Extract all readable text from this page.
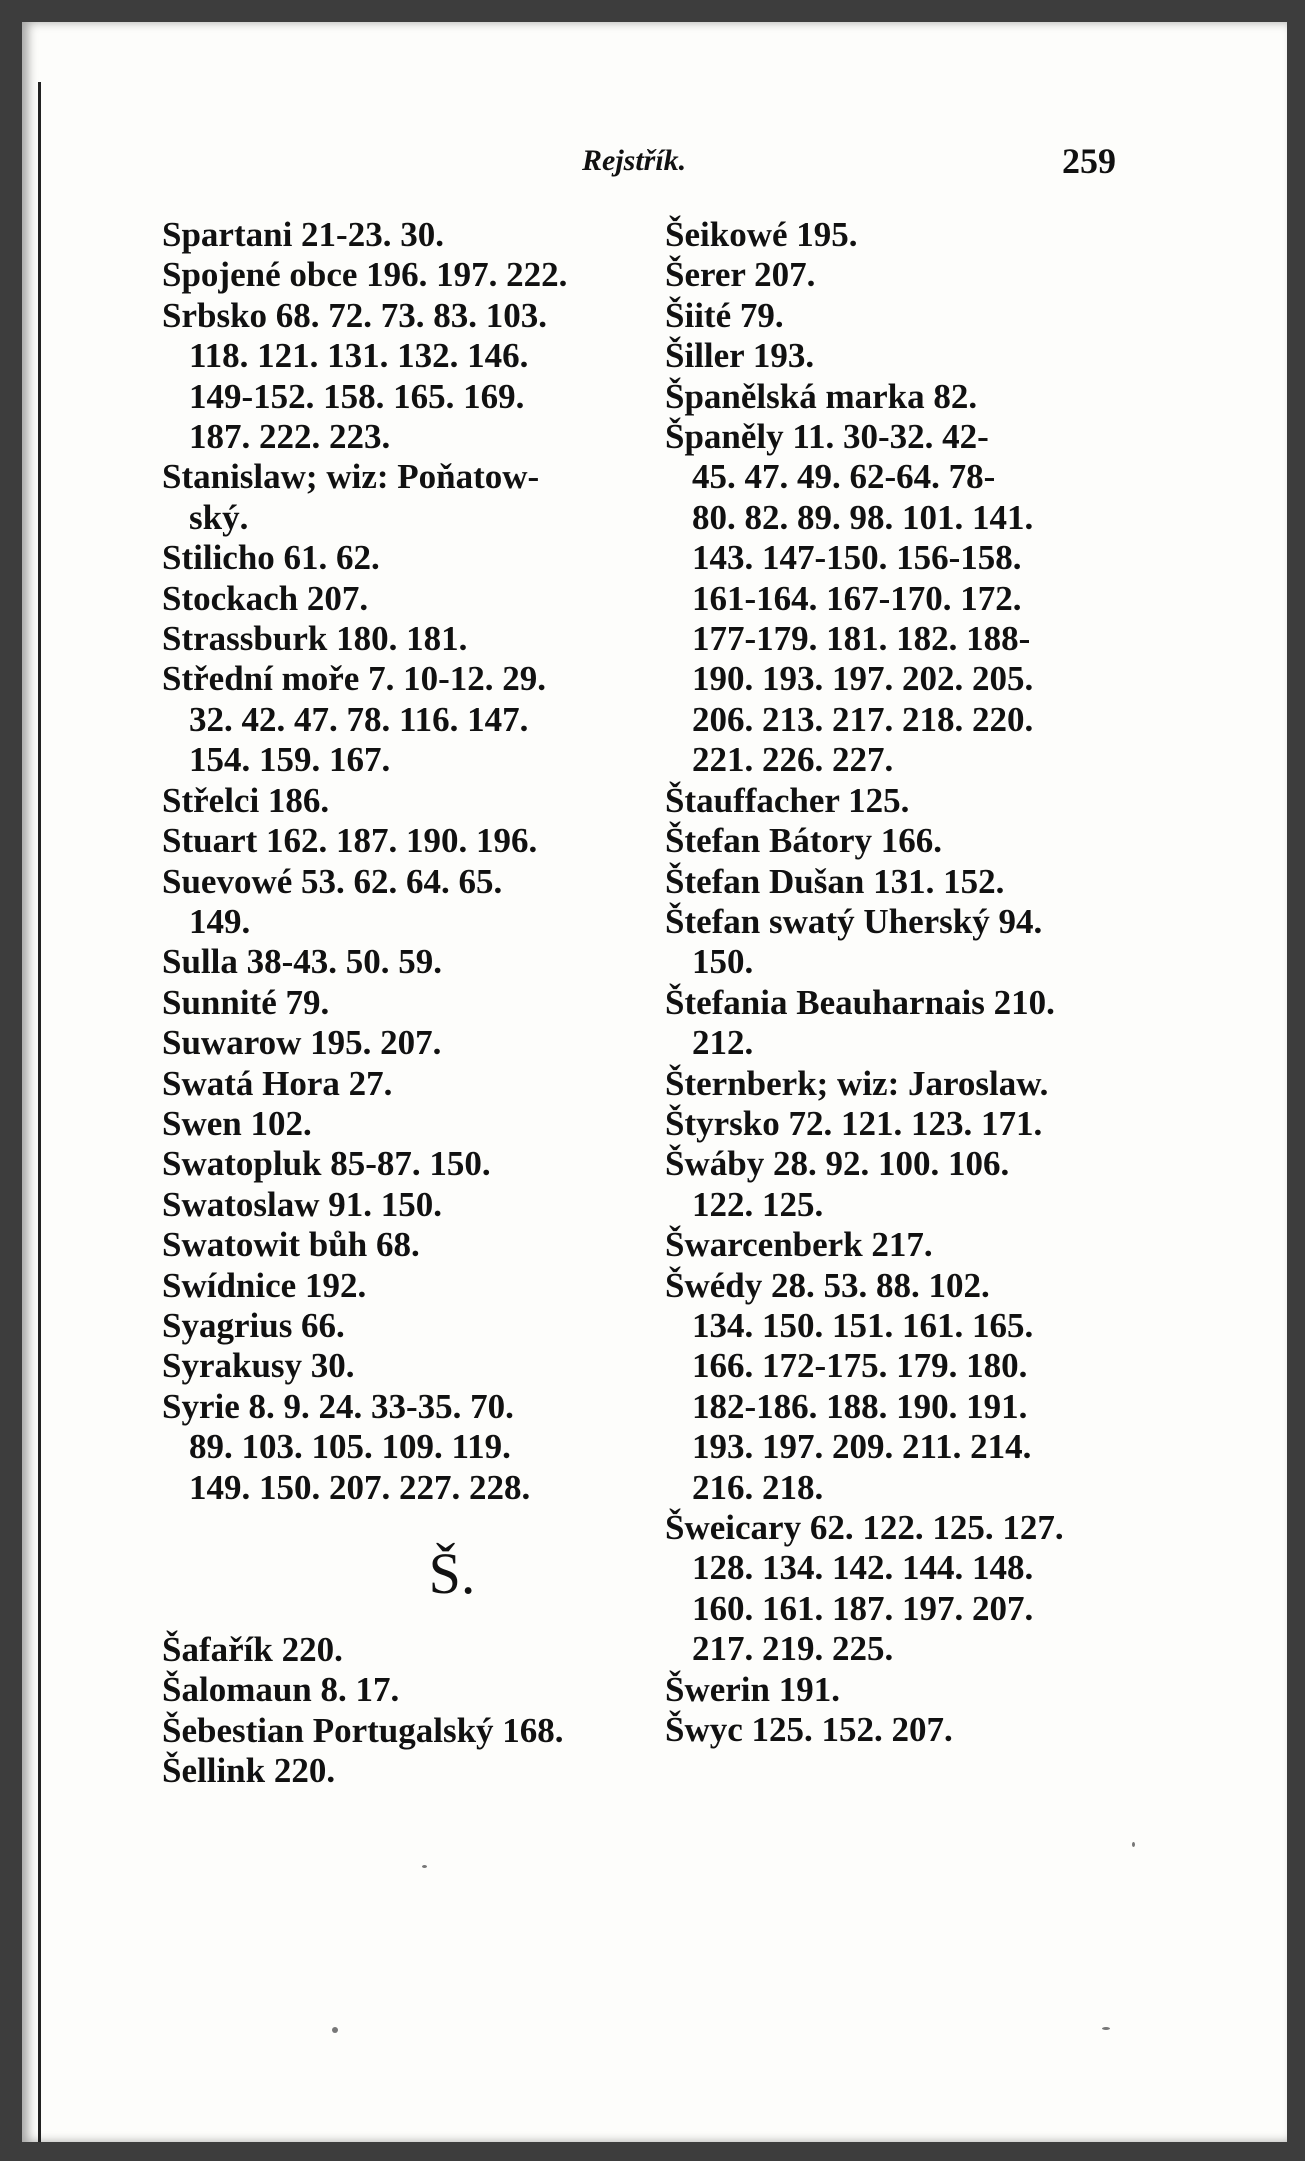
Rejstřík.	259
Spartani 21-23. 30.
Spojené obce 196. 197. 222.
Srbsko 68. 72. 73. 83. 103.
118. 121. 131. 132. 146.
149-152. 158. 165. 169.
187. 222. 223.
Stanislaw; wiz: Poňatow-
ský.
Stilicho 61. 62.
Stockach 207.
Strassburk 180. 181.
Střední moře 7. 10-12. 29.
32. 42. 47. 78. 116. 147.
154. 159. 167.
Střelci 186.
Stuart 162. 187. 190. 196.
Suevowé 53. 62. 64. 65.
149.
Sulla 38-43. 50. 59.
Sunnité 79.
Suwarow 195. 207.
Swatá Hora 27.
Swen 102.
Swatopluk 85-87. 150.
Swatoslaw 91. 150.
Swatowit bůh 68.
Swídnice 192.
Syagrius 66.
Syrakusy 30.
Syrie 8. 9. 24. 33-35. 70.
89. 103. 105. 109. 119.
149. 150. 207. 227. 228.
Š.
Šafařík 220.
Šalomaun 8. 17.
Šebestian Portugalský 168.
Šellink 220.
Šeikowé 195.
Šerer 207.
Šiité 79.
Šiller 193.
Španělská marka 82.
Španěly 11. 30-32. 42-
45. 47. 49. 62-64. 78-
80. 82. 89. 98. 101. 141.
143. 147-150. 156-158.
161-164. 167-170. 172.
177-179. 181. 182. 188-
190. 193. 197. 202. 205.
206. 213. 217. 218. 220.
221. 226. 227.
Štauffacher 125.
Štefan Bátory 166.
Štefan Dušan 131. 152.
Štefan swatý Uherský 94.
150.
Štefania Beauharnais 210.
212.
Šternberk; wiz: Jaroslaw.
Štyrsko 72. 121. 123. 171.
Šwáby 28. 92. 100. 106.
122. 125.
Šwarcenberk 217.
Šwédy 28. 53. 88. 102.
134. 150. 151. 161. 165.
166. 172-175. 179. 180.
182-186. 188. 190. 191.
193. 197. 209. 211. 214.
216. 218.
Šweicary 62. 122. 125. 127.
128. 134. 142. 144. 148.
160. 161. 187. 197. 207.
217. 219. 225.
Šwerin 191.
Šwyc 125. 152. 207.
